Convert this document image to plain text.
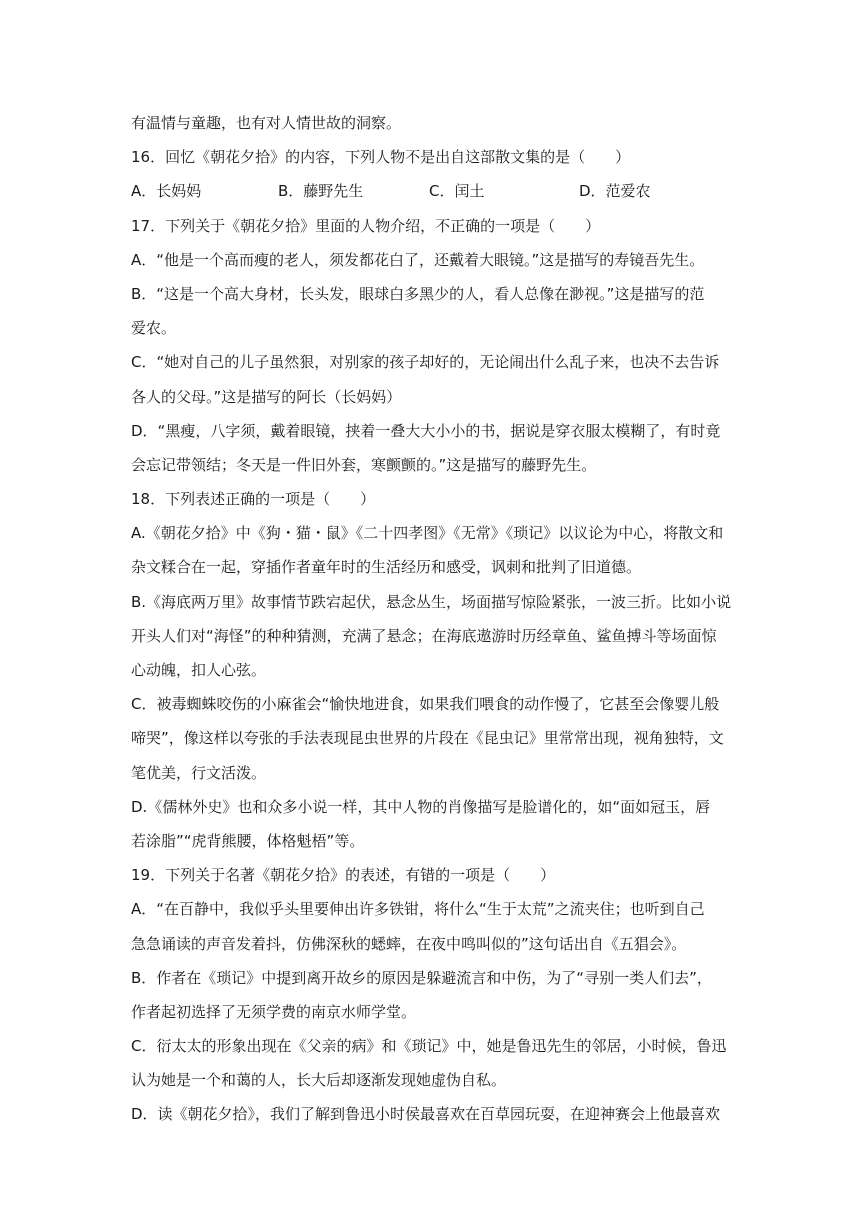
有温情与童趣，也有对人情世故的洞察。
16．回忆《朝花夕拾》的内容，下列人物不是出自这部散文集的是（　　）
A．长妈妈	B．藤野先生	C．闰土	D．范爱农
17．下列关于《朝花夕拾》里面的人物介绍，不正确的一项是（　　）
A．“他是一个高而瘦的老人，须发都花白了，还戴着大眼镜。”这是描写的寿镜吾先生。
B．“这是一个高大身材，长头发，眼球白多黑少的人，看人总像在渺视。”这是描写的范
爱农。
C．“她对自己的儿子虽然狠，对别家的孩子却好的，无论闹出什么乱子来，也决不去告诉
各人的父母。”这是描写的阿长（长妈妈）
D．“黑瘦，八字须，戴着眼镜，挟着一叠大大小小的书，据说是穿衣服太模糊了，有时竟
会忘记带领结；冬天是一件旧外套，寒颤颤的。”这是描写的藤野先生。
18．下列表述正确的一项是（　　）
A.《朝花夕拾》中《狗・猫・鼠》《二十四孝图》《无常》《琐记》以议论为中心，将散文和
杂文糅合在一起，穿插作者童年时的生活经历和感受，讽刺和批判了旧道德。
B.《海底两万里》故事情节跌宕起伏，悬念丛生，场面描写惊险紧张，一波三折。比如小说
开头人们对“海怪”的种种猜测，充满了悬念；在海底遨游时历经章鱼、鲨鱼搏斗等场面惊
心动魄，扣人心弦。
C．被毒蜘蛛咬伤的小麻雀会“愉快地进食，如果我们喂食的动作慢了，它甚至会像婴儿般
啼哭”，像这样以夸张的手法表现昆虫世界的片段在《昆虫记》里常常出现，视角独特，文
笔优美，行文活泼。
D.《儒林外史》也和众多小说一样，其中人物的肖像描写是脸谱化的，如“面如冠玉，唇
若涂脂”“虎背熊腰，体格魁梧”等。
19．下列关于名著《朝花夕拾》的表述，有错的一项是（　　）
A．“在百静中，我似乎头里要伸出许多铁钳，将什么“生于太荒”之流夹住；也听到自己
急急诵读的声音发着抖，仿佛深秋的蟋蟀，在夜中鸣叫似的”这句话出自《五猖会》。
B．作者在《琐记》中提到离开故乡的原因是躲避流言和中伤，为了“寻别一类人们去”，
作者起初选择了无须学费的南京水师学堂。
C．衍太太的形象出现在《父亲的病》和《琐记》中，她是鲁迅先生的邻居，小时候，鲁迅
认为她是一个和蔼的人，长大后却逐渐发现她虚伪自私。
D．读《朝花夕拾》，我们了解到鲁迅小时侯最喜欢在百草园玩耍，在迎神赛会上他最喜欢
